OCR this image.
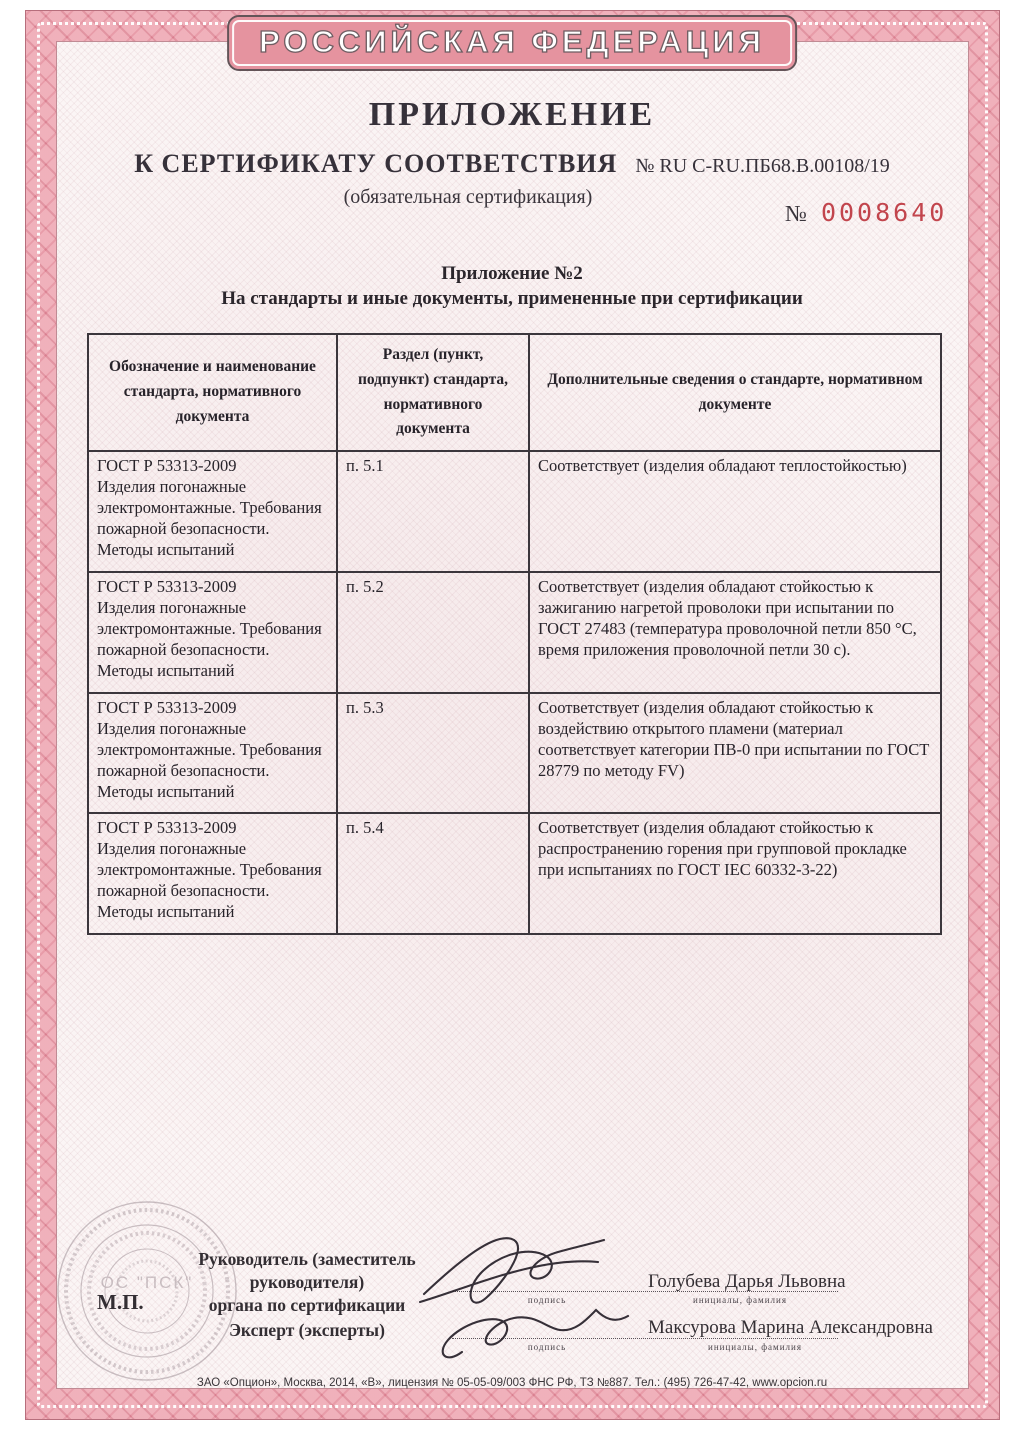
РОССИЙСКАЯ ФЕДЕРАЦИЯ
ПРИЛОЖЕНИЕ
К СЕРТИФИКАТУ СООТВЕТСТВИЯ № RU C-RU.ПБ68.В.00108/19
(обязательная сертификация)
№ 0008640
Приложение №2
На стандарты и иные документы, примененные при сертификации
Обозначение и наименование стандарта, нормативного документа	Раздел (пункт, подпункт) стандарта, нормативного документа	Дополнительные сведения о стандарте, нормативном документе

ГОСТ Р 53313-2009
Изделия погонажные электромонтажные. Требования пожарной безопасности. Методы испытаний	п. 5.1	Соответствует (изделия обладают теплостойкостью)

ГОСТ Р 53313-2009
Изделия погонажные электромонтажные. Требования пожарной безопасности. Методы испытаний	п. 5.2	Соответствует (изделия обладают стойкостью к зажиганию нагретой проволоки при испытании по ГОСТ 27483 (температура проволочной петли 850 °С, время приложения проволочной петли 30 с).

ГОСТ Р 53313-2009
Изделия погонажные электромонтажные. Требования пожарной безопасности. Методы испытаний	п. 5.3	Соответствует (изделия обладают стойкостью к воздействию открытого пламени (материал соответствует категории ПВ-0 при испытании по ГОСТ 28779 по методу FV)

ГОСТ Р 53313-2009
Изделия погонажные электромонтажные. Требования пожарной безопасности. Методы испытаний	п. 5.4	Соответствует (изделия обладают стойкостью к распространению горения при групповой прокладке при испытаниях по ГОСТ IEC 60332-3-22)
ОС "ПСК"
М.П.
Руководитель (заместитель руководителя)
органа по сертификации
Эксперт (эксперты)
подпись
подпись
Голубева Дарья Львовна
Максурова Марина Александровна
инициалы, фамилия
инициалы, фамилия
ЗАО «Опцион», Москва, 2014, «В», лицензия № 05-05-09/003 ФНС РФ, ТЗ №887. Тел.: (495) 726-47-42, www.opcion.ru
